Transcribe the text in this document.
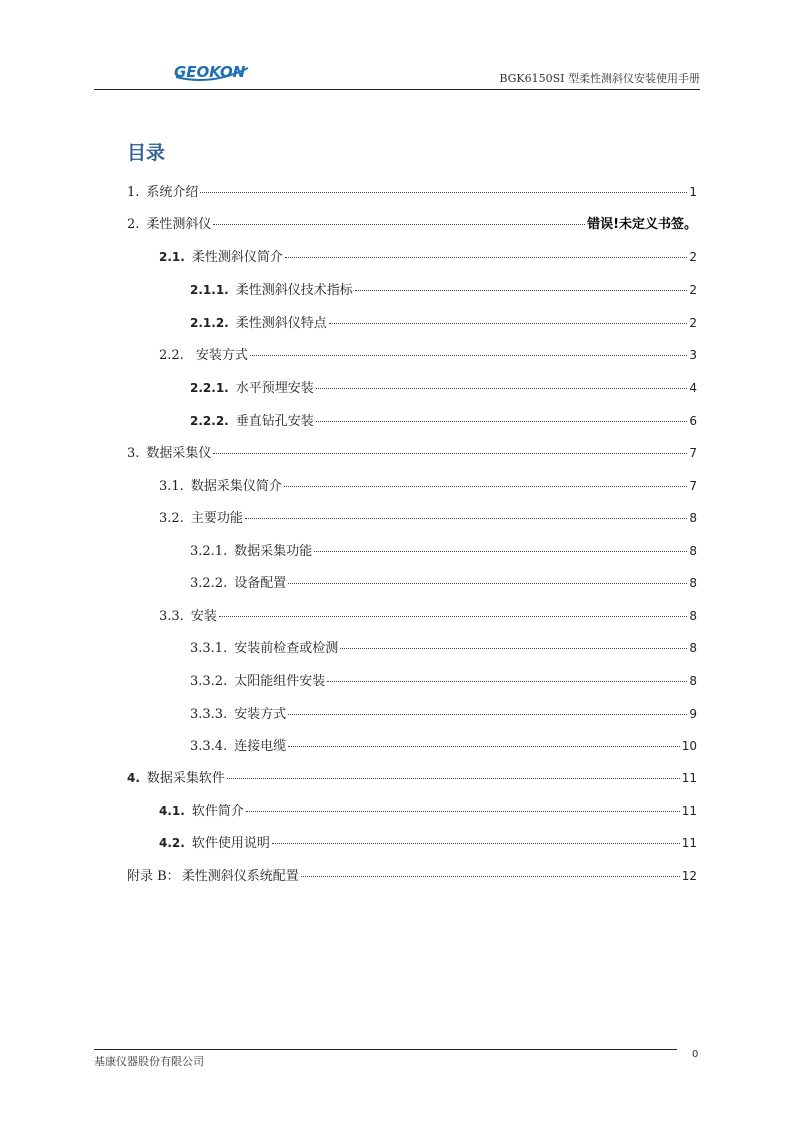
GEOKON	BGK6150SI 型柔性测斜仪安装使用手册
目录
1. 系统介绍	1
2. 柔性测斜仪	错误!未定义书签。
2.1. 柔性测斜仪简介	2
2.1.1. 柔性测斜仪技术指标	2
2.1.2. 柔性测斜仪特点	2
2.2. 安装方式	3
2.2.1. 水平预埋安装	4
2.2.2. 垂直钻孔安装	6
3. 数据采集仪	7
3.1. 数据采集仪简介	7
3.2. 主要功能	8
3.2.1. 数据采集功能	8
3.2.2. 设备配置	8
3.3. 安装	8
3.3.1. 安装前检查或检测	8
3.3.2. 太阳能组件安装	8
3.3.3. 安装方式	9
3.3.4. 连接电缆	10
4. 数据采集软件	11
4.1. 软件简介	11
4.2. 软件使用说明	11
附录 B： 柔性测斜仪系统配置	12
基康仪器股份有限公司
0
